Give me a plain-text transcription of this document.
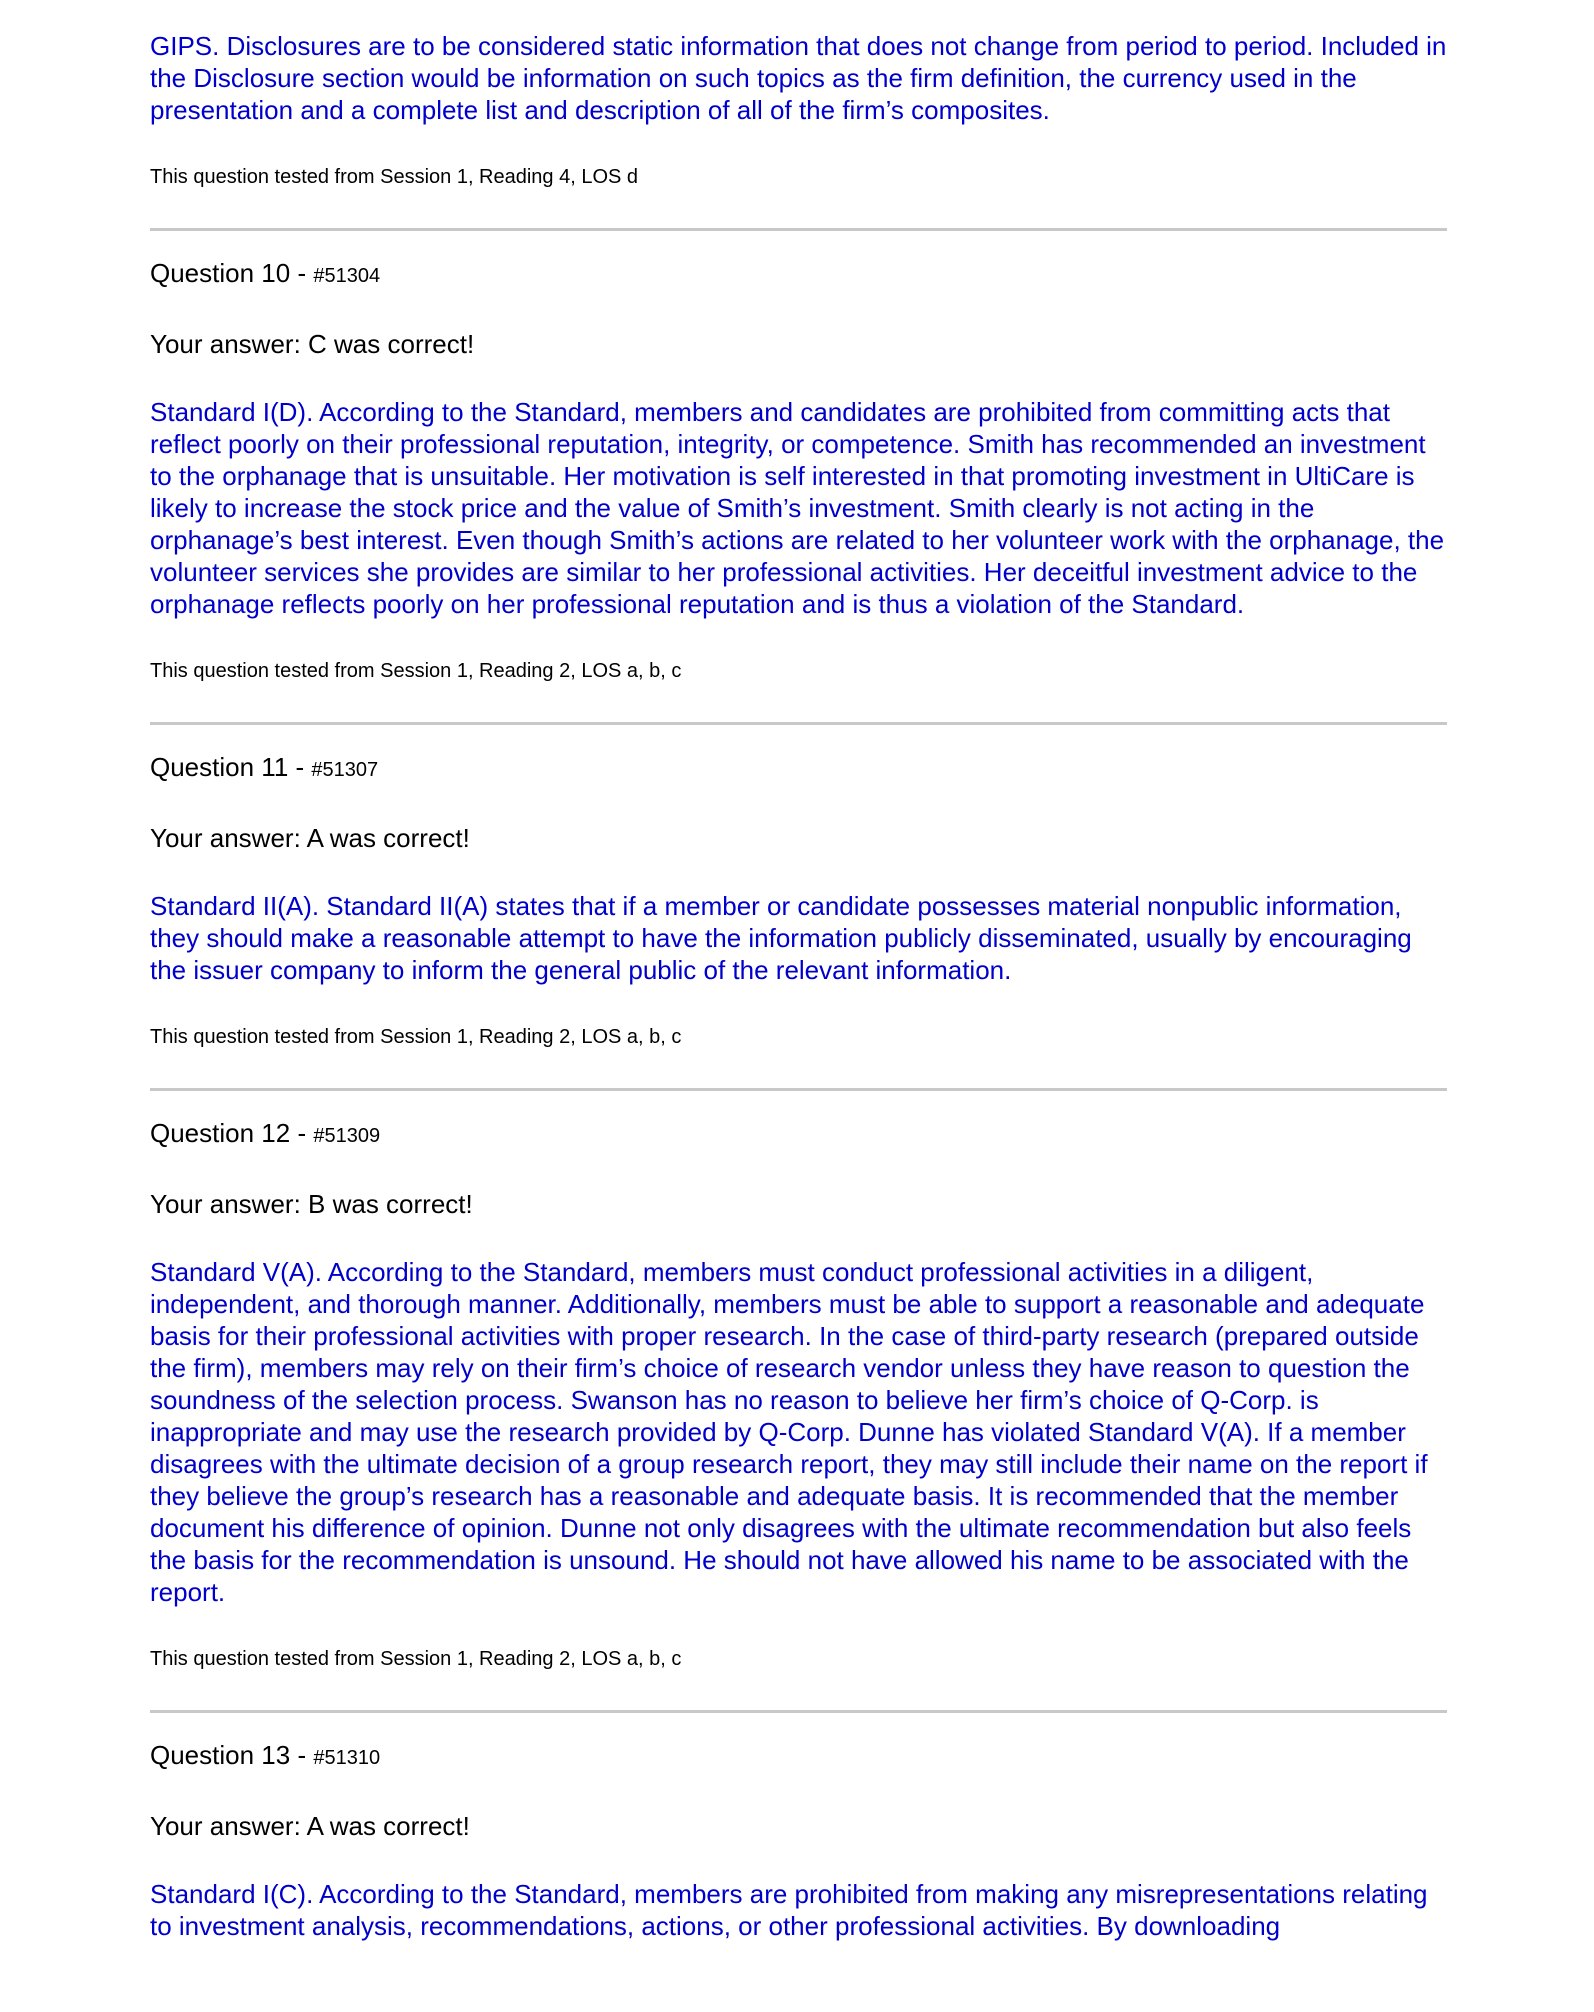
GIPS. Disclosures are to be considered static information that does not change from period to period. Included in the Disclosure section would be information on such topics as the firm definition, the currency used in the presentation and a complete list and description of all of the firm’s composites.

This question tested from Session 1, Reading 4, LOS d

Question 10 - #51304

Your answer: C was correct!

Standard I(D). According to the Standard, members and candidates are prohibited from committing acts that reflect poorly on their professional reputation, integrity, or competence. Smith has recommended an investment to the orphanage that is unsuitable. Her motivation is self interested in that promoting investment in UltiCare is likely to increase the stock price and the value of Smith’s investment. Smith clearly is not acting in the orphanage’s best interest. Even though Smith’s actions are related to her volunteer work with the orphanage, the volunteer services she provides are similar to her professional activities. Her deceitful investment advice to the orphanage reflects poorly on her professional reputation and is thus a violation of the Standard.

This question tested from Session 1, Reading 2, LOS a, b, c

Question 11 - #51307

Your answer: A was correct!

Standard II(A). Standard II(A) states that if a member or candidate possesses material nonpublic information, they should make a reasonable attempt to have the information publicly disseminated, usually by encouraging the issuer company to inform the general public of the relevant information.

This question tested from Session 1, Reading 2, LOS a, b, c

Question 12 - #51309

Your answer: B was correct!

Standard V(A). According to the Standard, members must conduct professional activities in a diligent, independent, and thorough manner. Additionally, members must be able to support a reasonable and adequate basis for their professional activities with proper research. In the case of third-party research (prepared outside the firm), members may rely on their firm’s choice of research vendor unless they have reason to question the soundness of the selection process. Swanson has no reason to believe her firm’s choice of Q-Corp. is inappropriate and may use the research provided by Q-Corp. Dunne has violated Standard V(A). If a member disagrees with the ultimate decision of a group research report, they may still include their name on the report if they believe the group’s research has a reasonable and adequate basis. It is recommended that the member document his difference of opinion. Dunne not only disagrees with the ultimate recommendation but also feels the basis for the recommendation is unsound. He should not have allowed his name to be associated with the report.

This question tested from Session 1, Reading 2, LOS a, b, c

Question 13 - #51310

Your answer: A was correct!

Standard I(C). According to the Standard, members are prohibited from making any misrepresentations relating to investment analysis, recommendations, actions, or other professional activities. By downloading
